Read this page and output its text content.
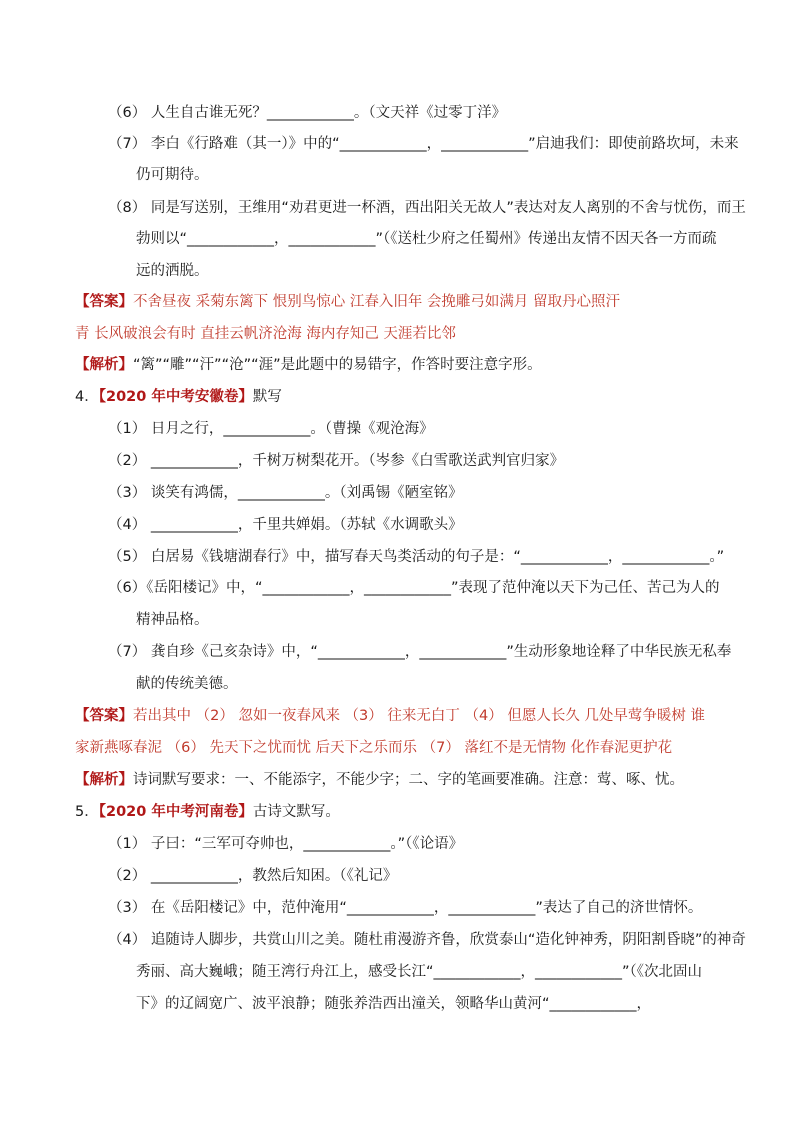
（6） 人生自古谁无死？____________。（文天祥《过零丁洋》
（7） 李白《行路难（其一）》中的“____________，____________”启迪我们：即使前路坎坷，未来
仍可期待。
（8） 同是写送别，王维用“劝君更进一杯酒，西出阳关无故人”表达对友人离别的不舍与忧伤，而王
勃则以“____________，____________”（《送杜少府之任蜀州》传递出友情不因天各一方而疏
远的洒脱。
【答案】不舍昼夜 采菊东篱下 恨别鸟惊心 江春入旧年 会挽雕弓如满月 留取丹心照汗
青 长风破浪会有时 直挂云帆济沧海 海内存知己 天涯若比邻
【解析】“篱”“雕”“汗”“沧”“涯”是此题中的易错字，作答时要注意字形。
4．【2020 年中考安徽卷】默写
（1） 日月之行，____________。（曹操《观沧海》
（2） ____________，千树万树梨花开。（岑参《白雪歌送武判官归家》
（3） 谈笑有鸿儒，____________。（刘禹锡《陋室铭》
（4） ____________，千里共婵娟。（苏轼《水调歌头》
（5） 白居易《钱塘湖春行》中，描写春天鸟类活动的句子是：“____________，____________。”
（6）《岳阳楼记》中，“____________，____________”表现了范仲淹以天下为己任、苦己为人的
精神品格。
（7） 龚自珍《己亥杂诗》中，“____________，____________”生动形象地诠释了中华民族无私奉
献的传统美德。
【答案】若出其中 （2） 忽如一夜春风来 （3） 往来无白丁 （4） 但愿人长久 几处早莺争暖树 谁
家新燕啄春泥 （6） 先天下之忧而忧 后天下之乐而乐 （7） 落红不是无情物 化作春泥更护花
【解析】诗词默写要求：一、不能添字，不能少字；二、字的笔画要准确。注意：莺、啄、忧。
5．【2020 年中考河南卷】古诗文默写。
（1） 子曰：“三军可夺帅也，____________。”（《论语》
（2） ____________，教然后知困。（《礼记》
（3） 在《岳阳楼记》中，范仲淹用“____________，____________”表达了自己的济世情怀。
（4） 追随诗人脚步，共赏山川之美。随杜甫漫游齐鲁，欣赏泰山“造化钟神秀，阴阳割昏晓”的神奇
秀丽、高大巍峨；随王湾行舟江上，感受长江“____________，____________”（《次北固山
下》的辽阔宽广、波平浪静；随张养浩西出潼关，领略华山黄河“____________，
